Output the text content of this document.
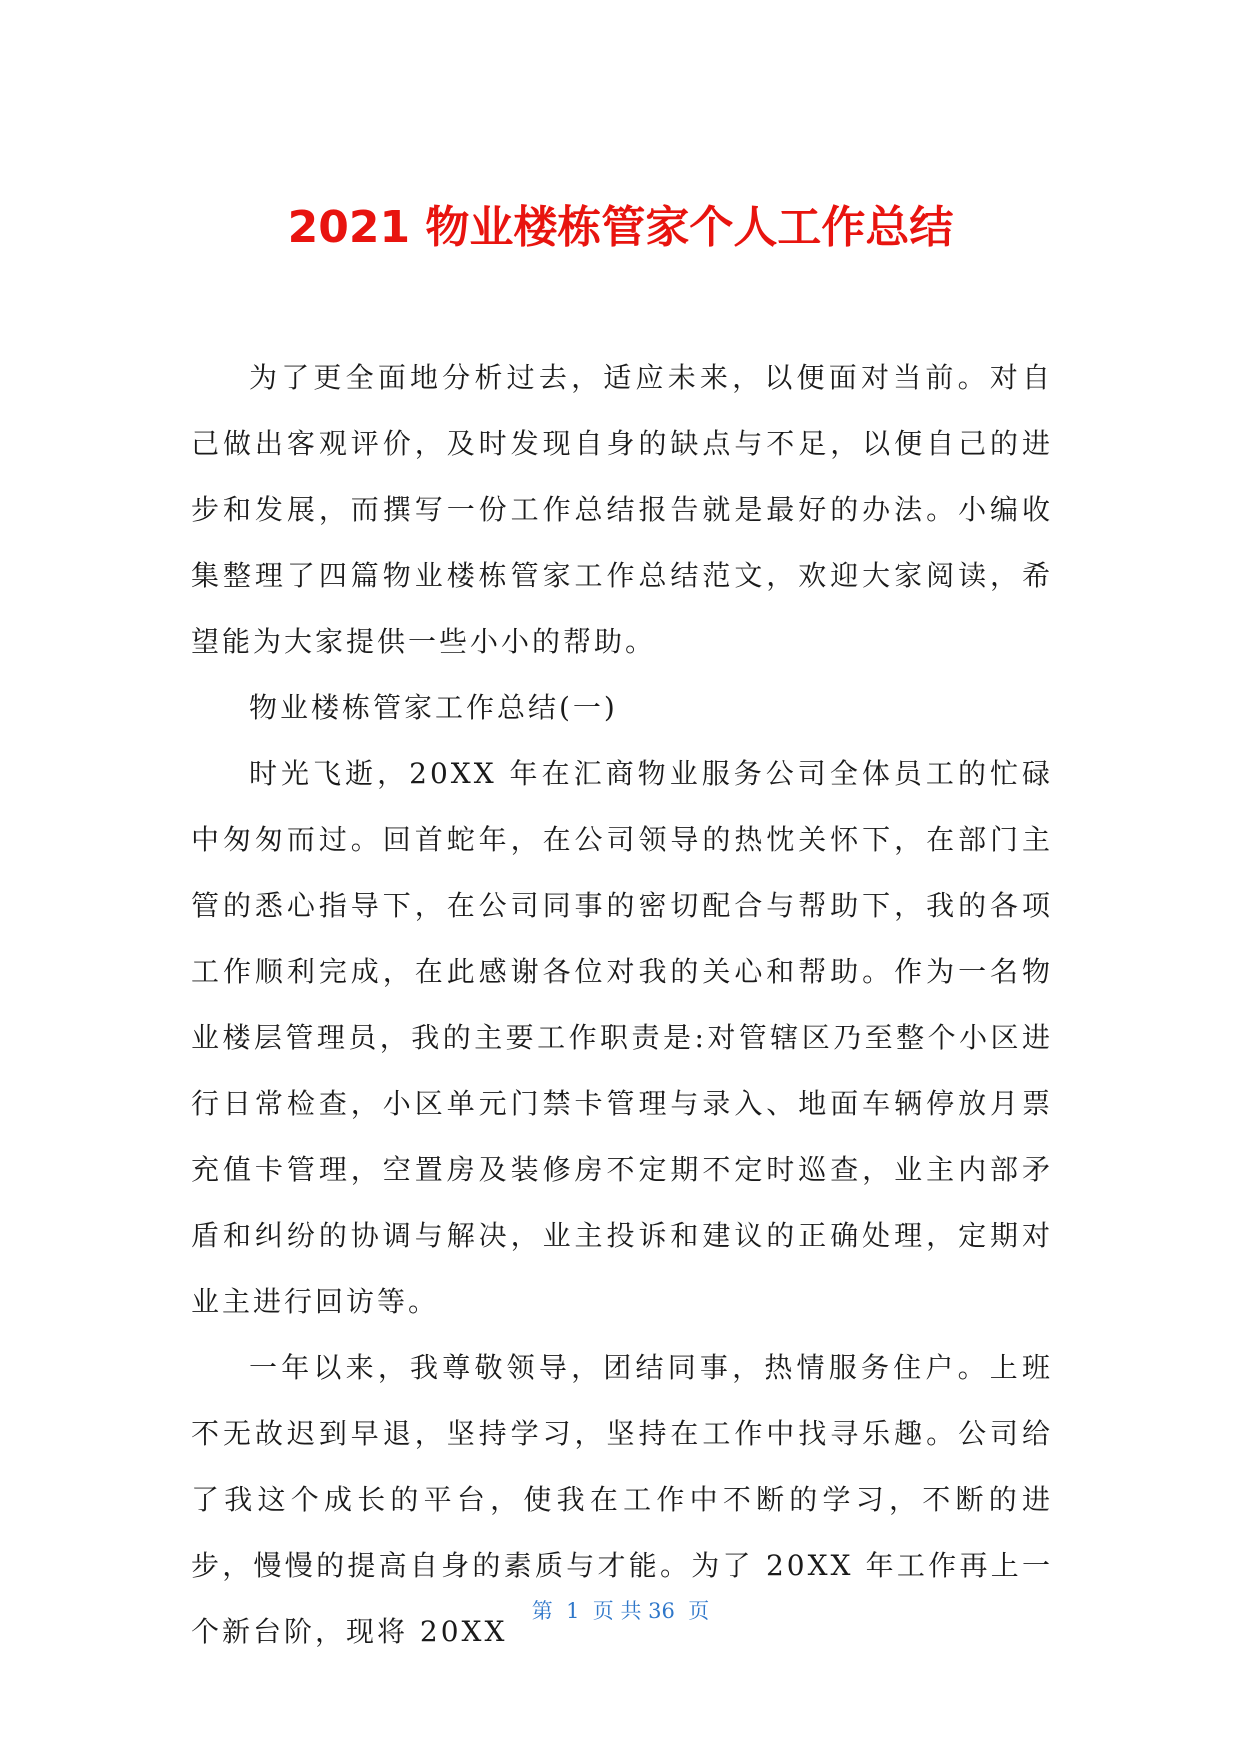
2021 物业楼栋管家个人工作总结

为了更全面地分析过去，适应未来，以便面对当前。对自己做出客观评价，及时发现自身的缺点与不足，以便自己的进步和发展，而撰写一份工作总结报告就是最好的办法。小编收集整理了四篇物业楼栋管家工作总结范文，欢迎大家阅读，希望能为大家提供一些小小的帮助。

物业楼栋管家工作总结(一)

时光飞逝，20XX 年在汇商物业服务公司全体员工的忙碌中匆匆而过。回首蛇年，在公司领导的热忱关怀下，在部门主管的悉心指导下，在公司同事的密切配合与帮助下，我的各项工作顺利完成，在此感谢各位对我的关心和帮助。作为一名物业楼层管理员，我的主要工作职责是:对管辖区乃至整个小区进行日常检查，小区单元门禁卡管理与录入、地面车辆停放月票充值卡管理，空置房及装修房不定期不定时巡查，业主内部矛盾和纠纷的协调与解决，业主投诉和建议的正确处理，定期对业主进行回访等。

一年以来，我尊敬领导，团结同事，热情服务住户。上班不无故迟到早退，坚持学习，坚持在工作中找寻乐趣。公司给了我这个成长的平台，使我在工作中不断的学习，不断的进步，慢慢的提高自身的素质与才能。为了 20XX 年工作再上一个新台阶，现将 20XX

第  1  页 共 36  页
